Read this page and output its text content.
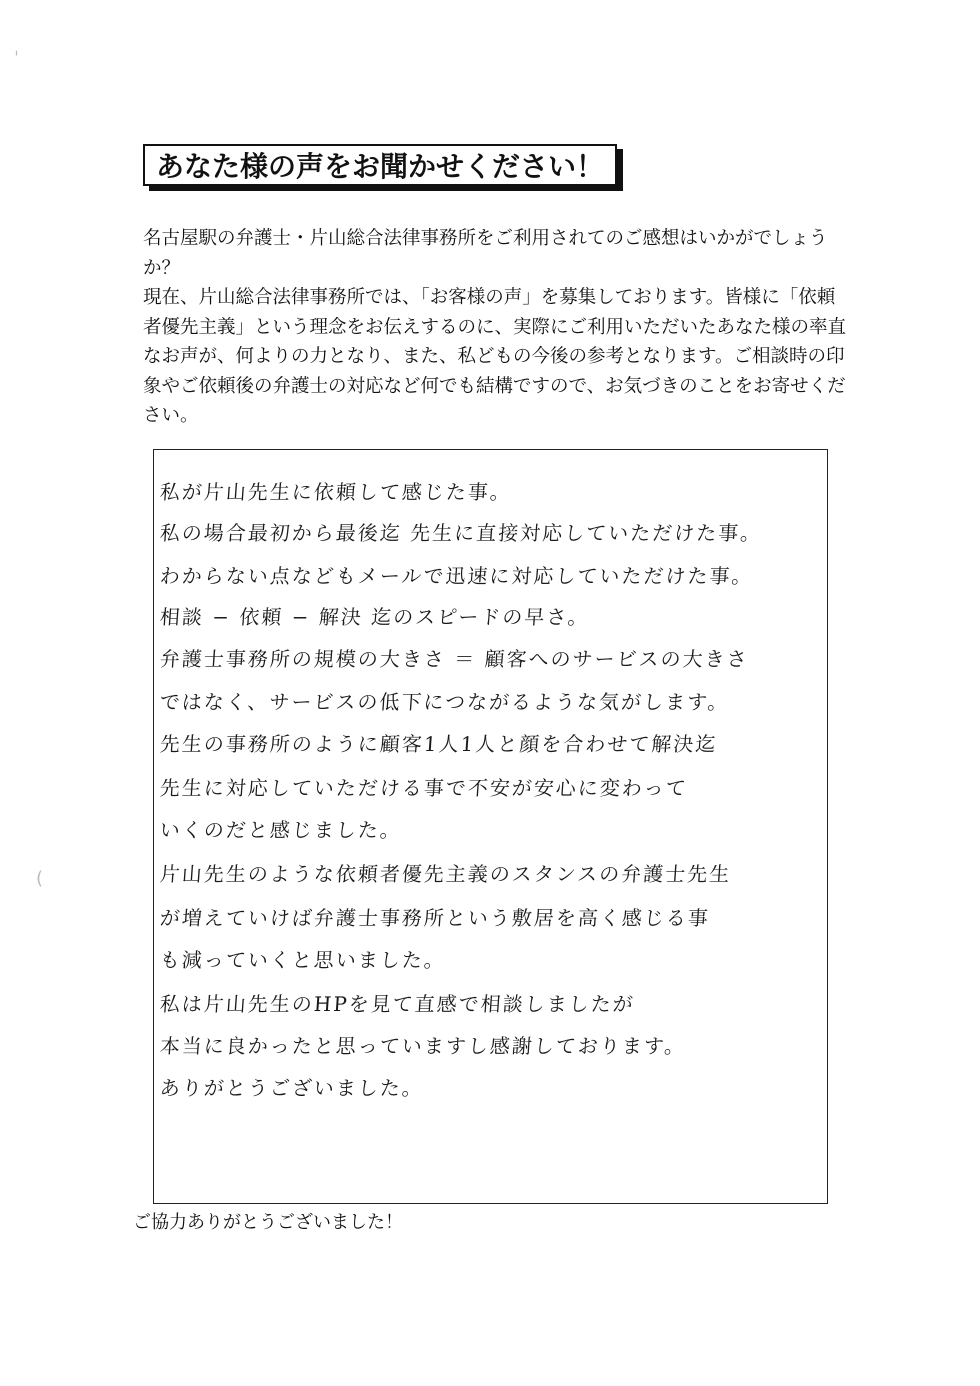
ˈ
(
あなた様の声をお聞かせください！

名古屋駅の弁護士・片山総合法律事務所をご利用されてのご感想はいかがでしょうか？

現在、片山総合法律事務所では、「お客様の声」を募集しております。皆様に「依頼者優先主義」という理念をお伝えするのに、実際にご利用いただいたあなた様の率直なお声が、何よりの力となり、また、私どもの今後の参考となります。ご相談時の印象やご依頼後の弁護士の対応など何でも結構ですので、お気づきのことをお寄せください。

私が片山先生に依頼して感じた事。
私の場合最初から最後迄 先生に直接対応していただけた事。
わからない点などもメールで迅速に対応していただけた事。
相談 − 依頼 − 解決 迄のスピードの早さ。
弁護士事務所の規模の大きさ ＝ 顧客へのサービスの大きさ
ではなく、サービスの低下につながるような気がします。
先生の事務所のように顧客1人1人と顔を合わせて解決迄
先生に対応していただける事で不安が安心に変わって
いくのだと感じました。
片山先生のような依頼者優先主義のスタンスの弁護士先生
が増えていけば弁護士事務所という敷居を高く感じる事
も減っていくと思いました。
私は片山先生のHPを見て直感で相談しましたが
本当に良かったと思っていますし感謝しております。
ありがとうございました。
ご協力ありがとうございました！
